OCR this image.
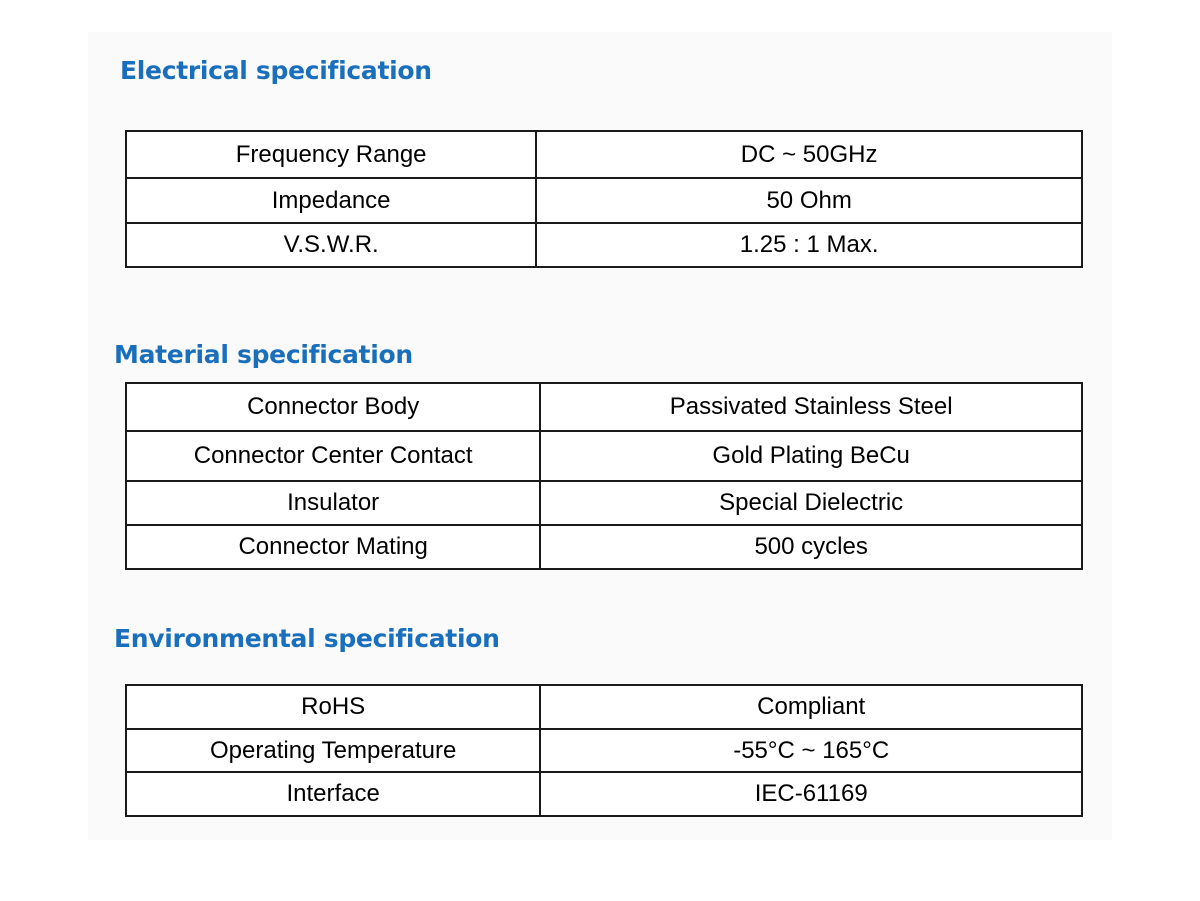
Electrical specification
Frequency Range	DC ~ 50GHz
Impedance	50 Ohm
V.S.W.R.	1.25 : 1 Max.
Material specification
Connector Body	Passivated Stainless Steel
Connector Center Contact	Gold Plating BeCu
Insulator	Special Dielectric
Connector Mating	500 cycles
Environmental specification
RoHS	Compliant
Operating Temperature	-55°C ~ 165°C
Interface	IEC-61169
